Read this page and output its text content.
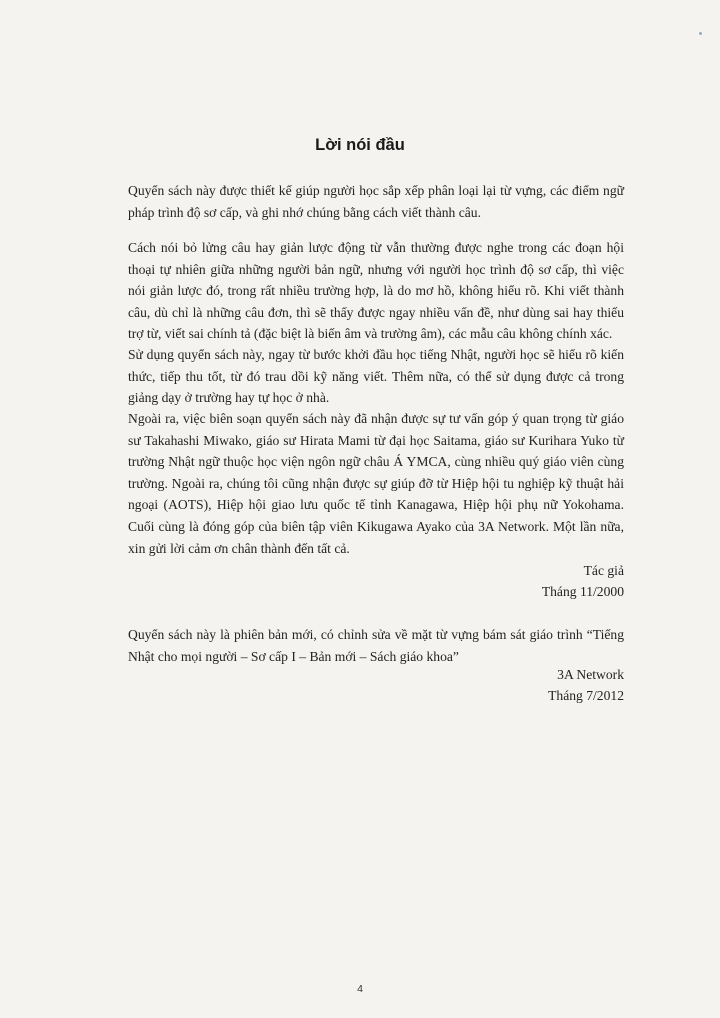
Lời nói đầu

Quyển sách này được thiết kế giúp người học sắp xếp phân loại lại từ vựng, các điểm ngữ pháp trình độ sơ cấp, và ghi nhớ chúng bằng cách viết thành câu.

Cách nói bỏ lửng câu hay giản lược động từ vẫn thường được nghe trong các đoạn hội thoại tự nhiên giữa những người bản ngữ, nhưng với người học trình độ sơ cấp, thì việc nói giản lược đó, trong rất nhiều trường hợp, là do mơ hồ, không hiểu rõ. Khi viết thành câu, dù chỉ là những câu đơn, thì sẽ thấy được ngay nhiều vấn đề, như dùng sai hay thiếu trợ từ, viết sai chính tả (đặc biệt là biến âm và trường âm), các mẫu câu không chính xác.

Sử dụng quyển sách này, ngay từ bước khởi đầu học tiếng Nhật, người học sẽ hiểu rõ kiến thức, tiếp thu tốt, từ đó trau dồi kỹ năng viết. Thêm nữa, có thể sử dụng được cả trong giảng dạy ở trường hay tự học ở nhà.

Ngoài ra, việc biên soạn quyển sách này đã nhận được sự tư vấn góp ý quan trọng từ giáo sư Takahashi Miwako, giáo sư Hirata Mami từ đại học Saitama, giáo sư Kurihara Yuko từ trường Nhật ngữ thuộc học viện ngôn ngữ châu Á YMCA, cùng nhiều quý giáo viên cùng trường. Ngoài ra, chúng tôi cũng nhận được sự giúp đỡ từ Hiệp hội tu nghiệp kỹ thuật hải ngoại (AOTS), Hiệp hội giao lưu quốc tế tỉnh Kanagawa, Hiệp hội phụ nữ Yokohama. Cuối cùng là đóng góp của biên tập viên Kikugawa Ayako của 3A Network. Một lần nữa, xin gửi lời cảm ơn chân thành đến tất cả.

Tác giả
Tháng 11/2000

Quyển sách này là phiên bản mới, có chỉnh sửa về mặt từ vựng bám sát giáo trình “Tiếng Nhật cho mọi người – Sơ cấp I – Bản mới – Sách giáo khoa”

3A Network
Tháng 7/2012
4
